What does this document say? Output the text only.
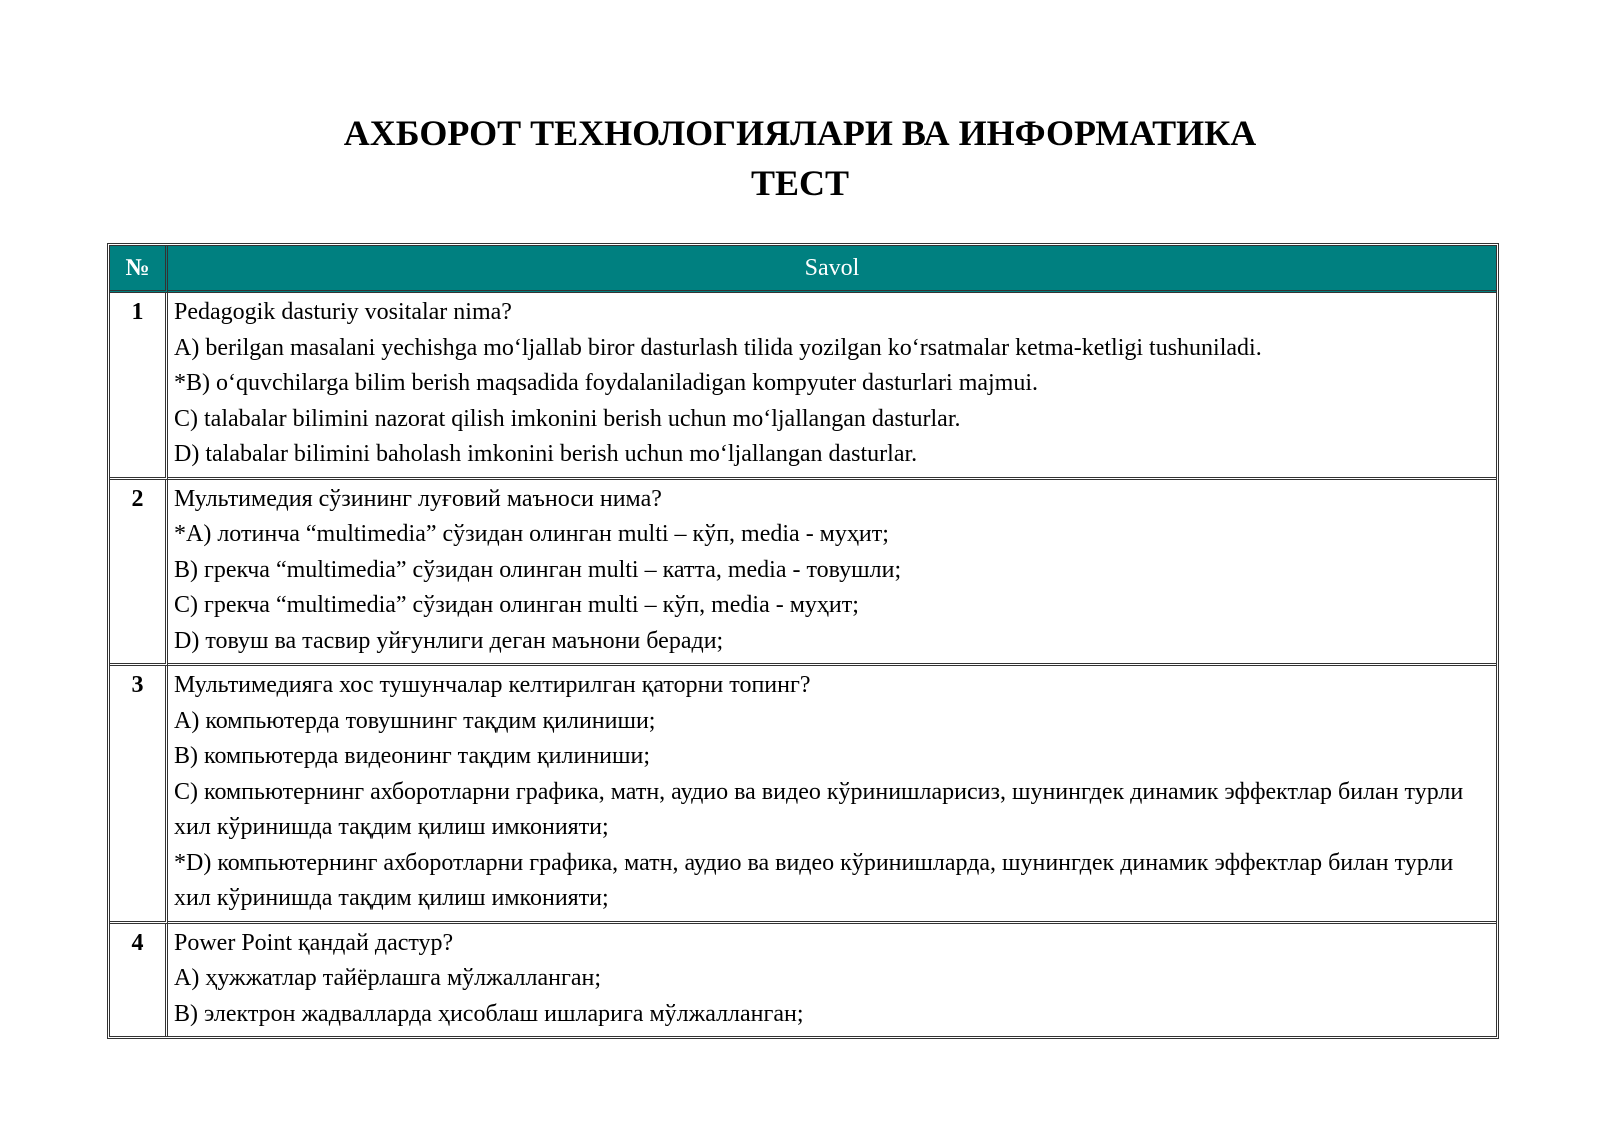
АХБОРОТ ТЕХНОЛОГИЯЛАРИ ВА ИНФОРМАТИКА

ТЕСТ

№	Savol
1	Pedagogik dasturiy vositalar nima?
A) berilgan masalani yechishga mo‘ljallab biror dasturlash tilida yozilgan ko‘rsatmalar ketma-ketligi tushuniladi.
*B) o‘quvchilarga bilim berish maqsadida foydalaniladigan kompyuter dasturlari majmui.
C) talabalar bilimini nazorat qilish imkonini berish uchun mo‘ljallangan dasturlar.
D) talabalar bilimini baholash imkonini berish uchun mo‘ljallangan dasturlar.

2	Мультимедия сўзининг луғовий маъноси нима?
*A) лотинча “multimedia” сўзидан олинган multi – кўп, media - муҳит;
B) грекча “multimedia” сўзидан олинган multi – катта, media - товушли;
C) грекча “multimedia” сўзидан олинган multi – кўп, media - муҳит;
D) товуш ва тасвир уйғунлиги деган маънони беради;

3	Мультимедияга хос тушунчалар келтирилган қаторни топинг?
A) компьютерда товушнинг тақдим қилиниши;
B) компьютерда видеонинг тақдим қилиниши;
C) компьютернинг ахборотларни графика, матн, аудио ва видео кўринишларисиз, шунингдек динамик эффектлар билан турли хил кўринишда тақдим қилиш имконияти;
*D) компьютернинг ахборотларни графика, матн, аудио ва видео кўринишларда, шунингдек динамик эффектлар билан турли хил кўринишда тақдим қилиш имконияти;

4	Power Point қандай дастур?
A) ҳужжатлар тайёрлашга мўлжалланган;
B) электрон жадвалларда ҳисоблаш ишларига мўлжалланган;
